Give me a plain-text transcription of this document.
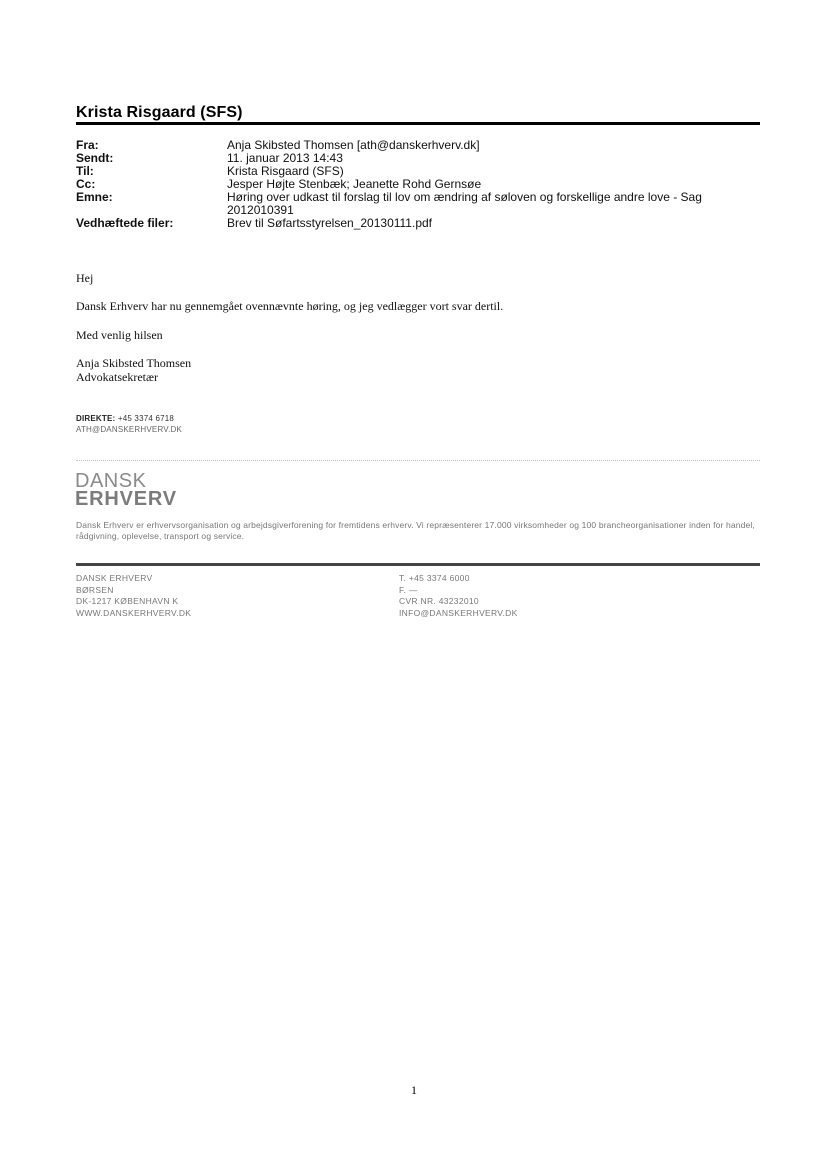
Krista Risgaard (SFS)
Fra:	Anja Skibsted Thomsen [ath@danskerhverv.dk]
Sendt:	11. januar 2013 14:43
Til:	Krista Risgaard (SFS)
Cc:	Jesper Højte Stenbæk; Jeanette Rohd Gernsøe
Emne:	Høring over udkast til forslag til lov om ændring af søloven og forskellige andre love - Sag 2012010391
Vedhæftede filer:	Brev til Søfartsstyrelsen_20130111.pdf
Hej
Dansk Erhverv har nu gennemgået ovennævnte høring, og jeg vedlægger vort svar dertil.
Med venlig hilsen
Anja Skibsted Thomsen
Advokatsekretær
DIREKTE: +45 3374 6718
ATH@DANSKERHVERV.DK
DANSK
ERHVERV
Dansk Erhverv er erhvervsorganisation og arbejdsgiverforening for fremtidens erhverv. Vi repræsenterer 17.000 virksomheder og 100 brancheorganisationer inden for handel, rådgivning, oplevelse, transport og service.
DANSK ERHVERV
BØRSEN
DK-1217 KØBENHAVN K
WWW.DANSKERHVERV.DK
T. +45 3374 6000
F. —
CVR NR. 43232010
INFO@DANSKERHVERV.DK
1
